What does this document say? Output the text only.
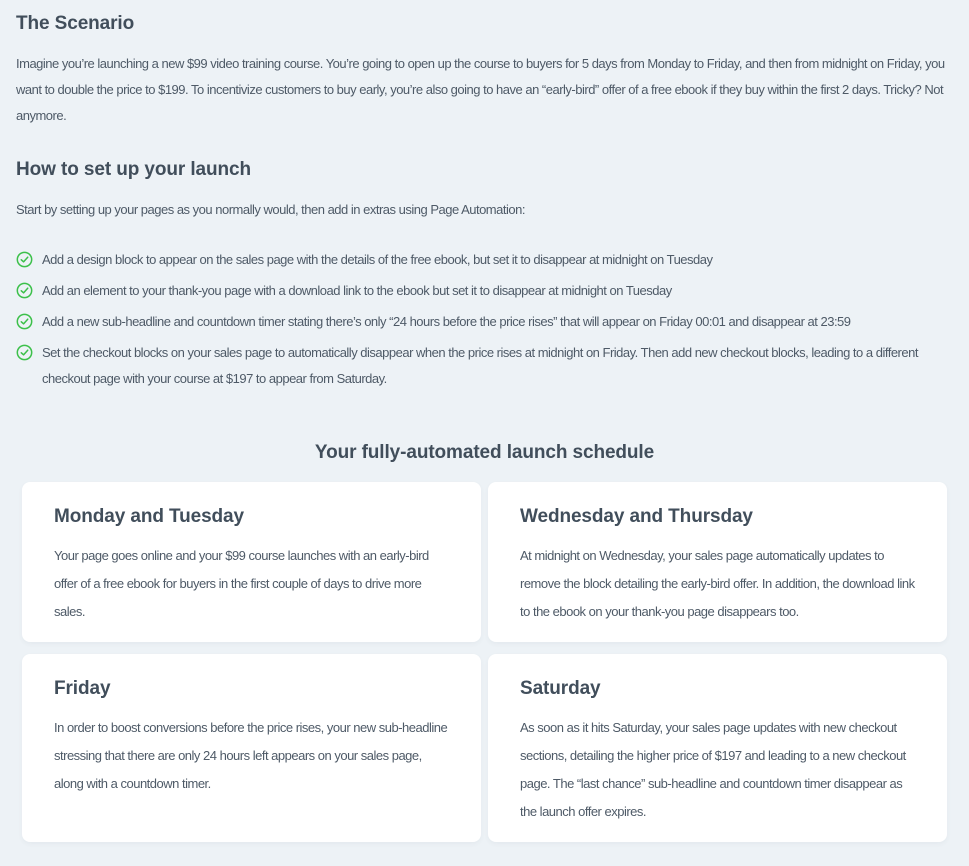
The Scenario

Imagine you’re launching a new $99 video training course. You’re going to open up the course to buyers for 5 days from Monday to Friday, and then from midnight on Friday, you want to double the price to $199. To incentivize customers to buy early, you’re also going to have an “early-bird” offer of a free ebook if they buy within the first 2 days. Tricky? Not anymore.

How to set up your launch

Start by setting up your pages as you normally would, then add in extras using Page Automation:

Add a design block to appear on the sales page with the details of the free ebook, but set it to disappear at midnight on Tuesday
Add an element to your thank-you page with a download link to the ebook but set it to disappear at midnight on Tuesday
Add a new sub-headline and countdown timer stating there’s only “24 hours before the price rises” that will appear on Friday 00:01 and disappear at 23:59
Set the checkout blocks on your sales page to automatically disappear when the price rises at midnight on Friday. Then add new checkout blocks, leading to a different checkout page with your course at $197 to appear from Saturday.
Your fully-automated launch schedule
Monday and Tuesday

Your page goes online and your $99 course launches with an early-bird offer of a free ebook for buyers in the first couple of days to drive more sales.

Wednesday and Thursday

At midnight on Wednesday, your sales page automatically updates to remove the block detailing the early-bird offer. In addition, the download link to the ebook on your thank-you page disappears too.

Friday

In order to boost conversions before the price rises, your new sub-headline stressing that there are only 24 hours left appears on your sales page, along with a countdown timer.

Saturday

As soon as it hits Saturday, your sales page updates with new checkout sections, detailing the higher price of $197 and leading to a new checkout page. The “last chance” sub-headline and countdown timer disappear as the launch offer expires.
